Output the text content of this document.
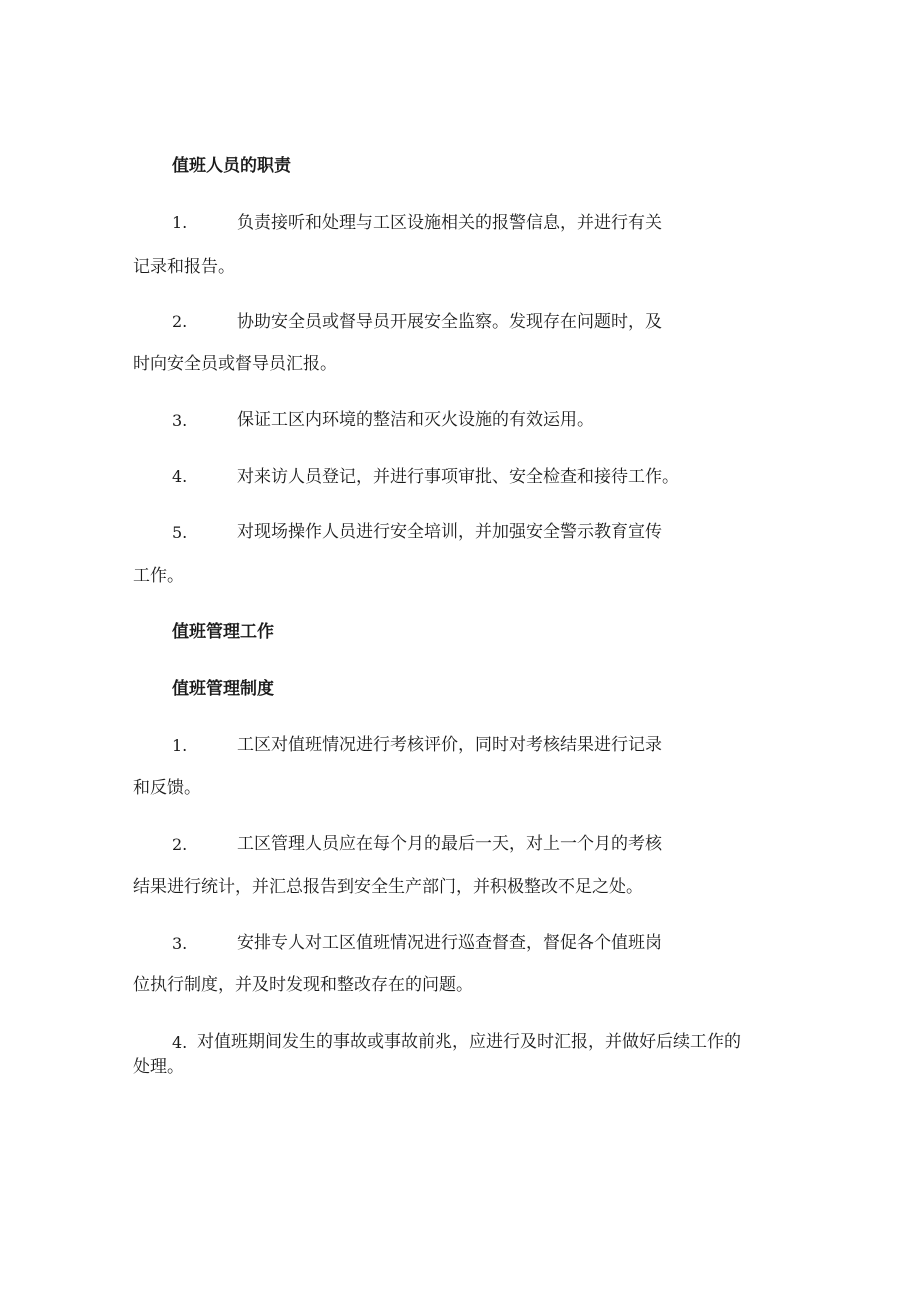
值班人员的职责
1.	负责接听和处理与工区设施相关的报警信息，并进行有关
记录和报告。
2.	协助安全员或督导员开展安全监察。发现存在问题时，及
时向安全员或督导员汇报。
3.	保证工区内环境的整洁和灭火设施的有效运用。
4.	对来访人员登记，并进行事项审批、安全检查和接待工作。
5.	对现场操作人员进行安全培训，并加强安全警示教育宣传
工作。
值班管理工作
值班管理制度
1.	工区对值班情况进行考核评价，同时对考核结果进行记录
和反馈。
2.	工区管理人员应在每个月的最后一天，对上一个月的考核
结果进行统计，并汇总报告到安全生产部门，并积极整改不足之处。
3.	安排专人对工区值班情况进行巡查督查，督促各个值班岗
位执行制度，并及时发现和整改存在的问题。
4. 对值班期间发生的事故或事故前兆，应进行及时汇报，并做好后续工作的
处理。
